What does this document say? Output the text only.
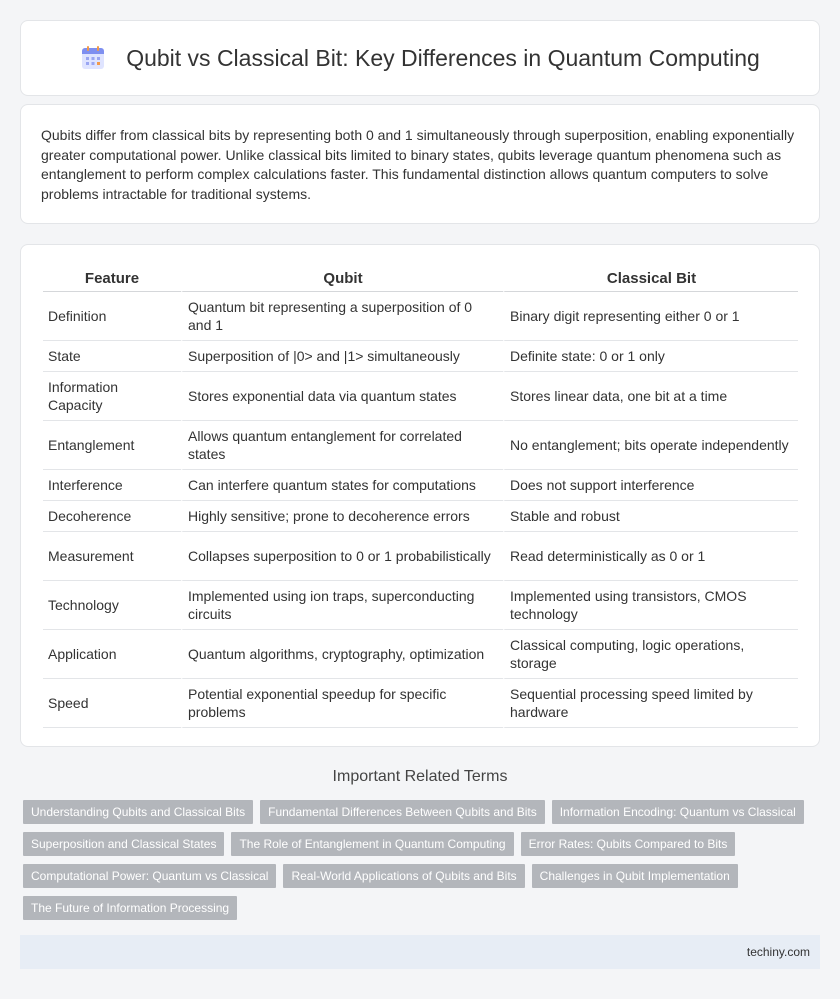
Qubit vs Classical Bit: Key Differences in Quantum Computing

Qubits differ from classical bits by representing both 0 and 1 simultaneously through superposition, enabling exponentially greater computational power. Unlike classical bits limited to binary states, qubits leverage quantum phenomena such as entanglement to perform complex calculations faster. This fundamental distinction allows quantum computers to solve problems intractable for traditional systems.

Feature	Qubit	Classical Bit
Definition	Quantum bit representing a superposition of 0 and 1	Binary digit representing either 0 or 1
State	Superposition of |0> and |1> simultaneously	Definite state: 0 or 1 only
Information Capacity	Stores exponential data via quantum states	Stores linear data, one bit at a time
Entanglement	Allows quantum entanglement for correlated states	No entanglement; bits operate independently
Interference	Can interfere quantum states for computations	Does not support interference
Decoherence	Highly sensitive; prone to decoherence errors	Stable and robust
Measurement	Collapses superposition to 0 or 1 probabilistically	Read deterministically as 0 or 1
Technology	Implemented using ion traps, superconducting circuits	Implemented using transistors, CMOS technology
Application	Quantum algorithms, cryptography, optimization	Classical computing, logic operations, storage
Speed	Potential exponential speedup for specific problems	Sequential processing speed limited by hardware
Important Related Terms
Understanding Qubits and Classical Bits	Fundamental Differences Between Qubits and Bits	Information Encoding: Quantum vs Classical
Superposition and Classical States	The Role of Entanglement in Quantum Computing	Error Rates: Qubits Compared to Bits
Computational Power: Quantum vs Classical	Real-World Applications of Qubits and Bits	Challenges in Qubit Implementation
The Future of Information Processing
techiny.com
